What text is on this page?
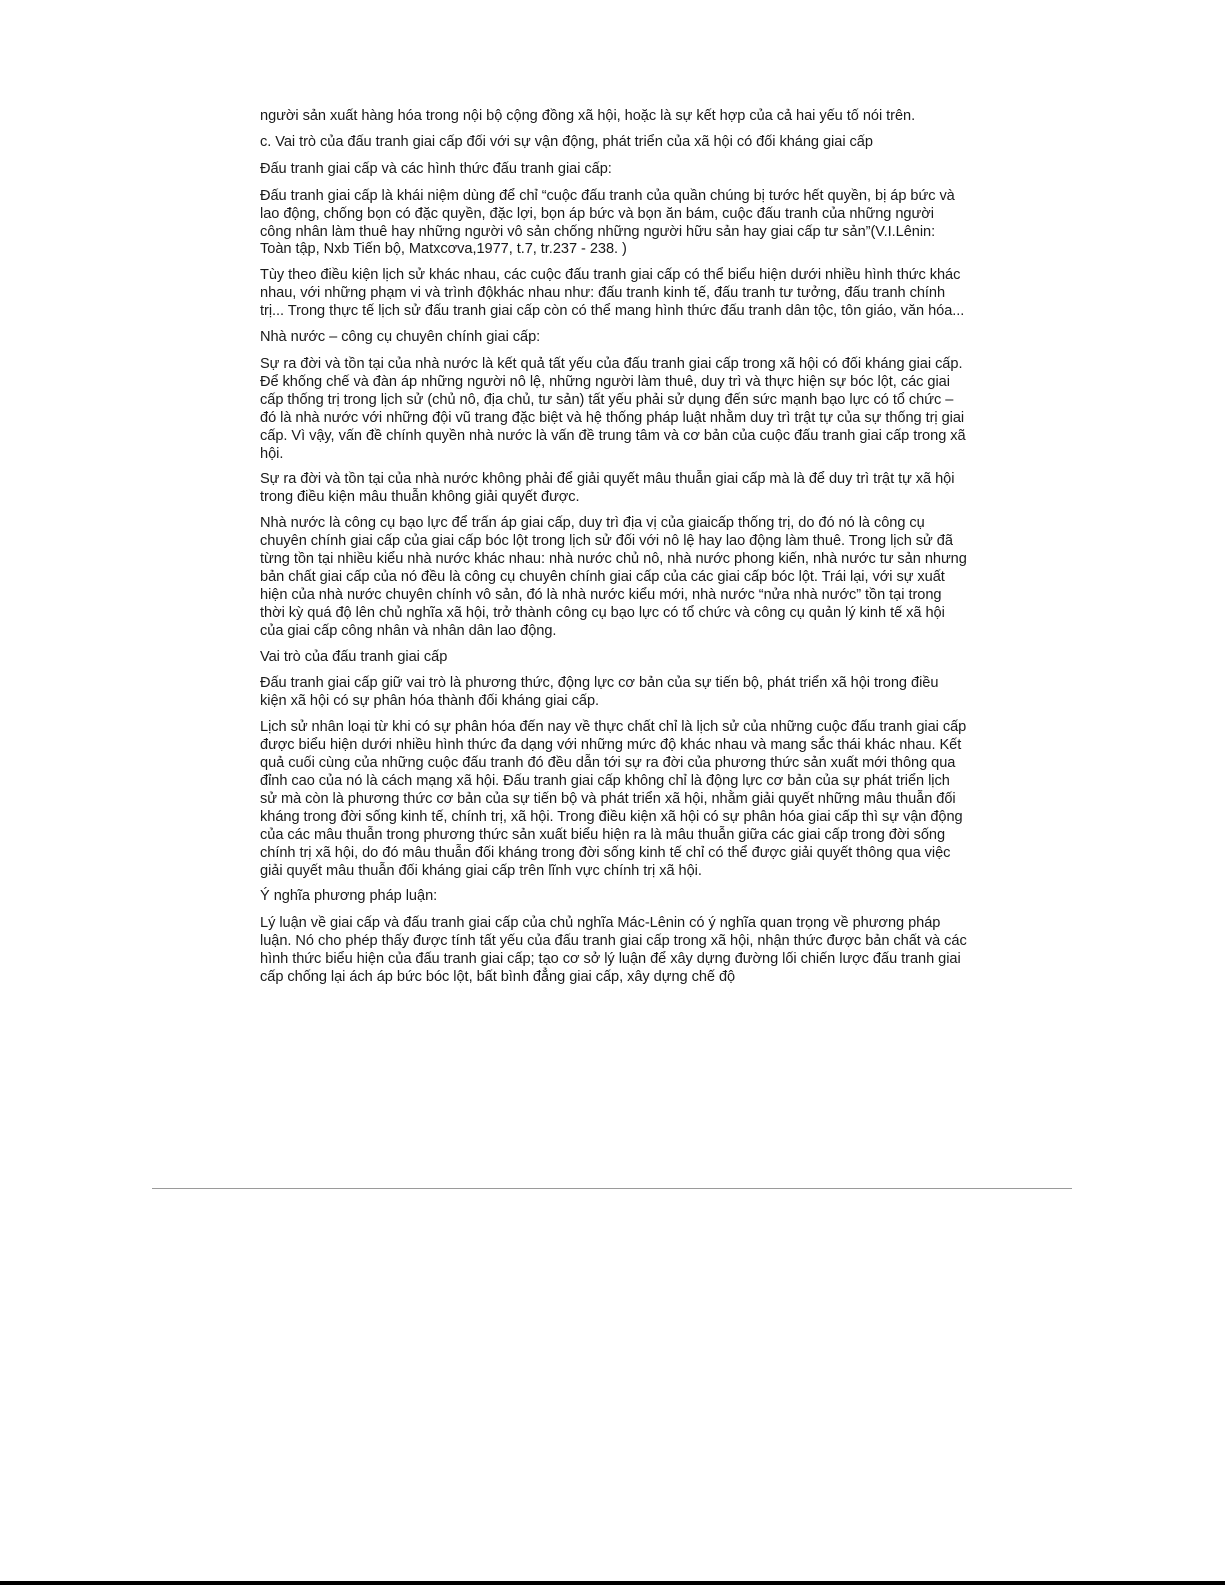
người sản xuất hàng hóa trong nội bộ cộng đồng xã hội, hoặc là sự kết hợp của cả hai yếu tố nói trên.

c. Vai trò của đấu tranh giai cấp đối với sự vận động, phát triển của xã hội có đối kháng giai cấp

Đấu tranh giai cấp và các hình thức đấu tranh giai cấp:

Đấu tranh giai cấp là khái niệm dùng để chỉ “cuộc đấu tranh của quần chúng bị tước hết quyền, bị áp bức và lao động, chống bọn có đặc quyền, đặc lợi, bọn áp bức và bọn ăn bám, cuộc đấu tranh của những người công nhân làm thuê hay những người vô sản chống những người hữu sản hay giai cấp tư sản”(V.I.Lênin: Toàn tập, Nxb Tiến bộ, Matxcơva,1977, t.7, tr.237 - 238. )

Tùy theo điều kiện lịch sử khác nhau, các cuộc đấu tranh giai cấp có thể biểu hiện dưới nhiều hình thức khác nhau, với những phạm vi và trình độkhác nhau như: đấu tranh kinh tế, đấu tranh tư tưởng, đấu tranh chính trị... Trong thực tế lịch sử đấu tranh giai cấp còn có thể mang hình thức đấu tranh dân tộc, tôn giáo, văn hóa...

Nhà nước – công cụ chuyên chính giai cấp:

Sự ra đời và tồn tại của nhà nước là kết quả tất yếu của đấu tranh giai cấp trong xã hội có đối kháng giai cấp. Để khống chế và đàn áp những người nô lệ, những người làm thuê, duy trì và thực hiện sự bóc lột, các giai cấp thống trị trong lịch sử (chủ nô, địa chủ, tư sản) tất yếu phải sử dụng đến sức mạnh bạo lực có tổ chức – đó là nhà nước với những đội vũ trang đặc biệt và hệ thống pháp luật nhằm duy trì trật tự của sự thống trị giai cấp. Vì vậy, vấn đề chính quyền nhà nước là vấn đề trung tâm và cơ bản của cuộc đấu tranh giai cấp trong xã hội.

Sự ra đời và tồn tại của nhà nước không phải để giải quyết mâu thuẫn giai cấp mà là để duy trì trật tự xã hội trong điều kiện mâu thuẫn không giải quyết được.

Nhà nước là công cụ bạo lực để trấn áp giai cấp, duy trì địa vị của giaicấp thống trị, do đó nó là công cụ chuyên chính giai cấp của giai cấp bóc lột trong lịch sử đối với nô lệ hay lao động làm thuê. Trong lịch sử đã từng tồn tại nhiều kiểu nhà nước khác nhau: nhà nước chủ nô, nhà nước phong kiến, nhà nước tư sản nhưng bản chất giai cấp của nó đều là công cụ chuyên chính giai cấp của các giai cấp bóc lột. Trái lại, với sự xuất hiện của nhà nước chuyên chính vô sản, đó là nhà nước kiểu mới, nhà nước “nửa nhà nước” tồn tại trong thời kỳ quá độ lên chủ nghĩa xã hội, trở thành công cụ bạo lực có tổ chức và công cụ quản lý kinh tế xã hội của giai cấp công nhân và nhân dân lao động.

Vai trò của đấu tranh giai cấp

Đấu tranh giai cấp giữ vai trò là phương thức, động lực cơ bản của sự tiến bộ, phát triển xã hội trong điều kiện xã hội có sự phân hóa thành đối kháng giai cấp.

Lịch sử nhân loại từ khi có sự phân hóa đến nay về thực chất chỉ là lịch sử của những cuộc đấu tranh giai cấp được biểu hiện dưới nhiều hình thức đa dạng với những mức độ khác nhau và mang sắc thái khác nhau. Kết quả cuối cùng của những cuộc đấu tranh đó đều dẫn tới sự ra đời của phương thức sản xuất mới thông qua đỉnh cao của nó là cách mạng xã hội. Đấu tranh giai cấp không chỉ là động lực cơ bản của sự phát triển lịch sử mà còn là phương thức cơ bản của sự tiến bộ và phát triển xã hội, nhằm giải quyết những mâu thuẫn đối kháng trong đời sống kinh tế, chính trị, xã hội. Trong điều kiện xã hội có sự phân hóa giai cấp thì sự vận động của các mâu thuẫn trong phương thức sản xuất biểu hiện ra là mâu thuẫn giữa các giai cấp trong đời sống chính trị xã hội, do đó mâu thuẫn đối kháng trong đời sống kinh tế chỉ có thể được giải quyết thông qua việc giải quyết mâu thuẫn đối kháng giai cấp trên lĩnh vực chính trị xã hội.

Ý nghĩa phương pháp luận:

Lý luận về giai cấp và đấu tranh giai cấp của chủ nghĩa Mác-Lênin có ý nghĩa quan trọng về phương pháp luận. Nó cho phép thấy được tính tất yếu của đấu tranh giai cấp trong xã hội, nhận thức được bản chất và các hình thức biểu hiện của đấu tranh giai cấp; tạo cơ sở lý luận để xây dựng đường lối chiến lược đấu tranh giai cấp chống lại ách áp bức bóc lột, bất bình đẳng giai cấp, xây dựng chế độ
